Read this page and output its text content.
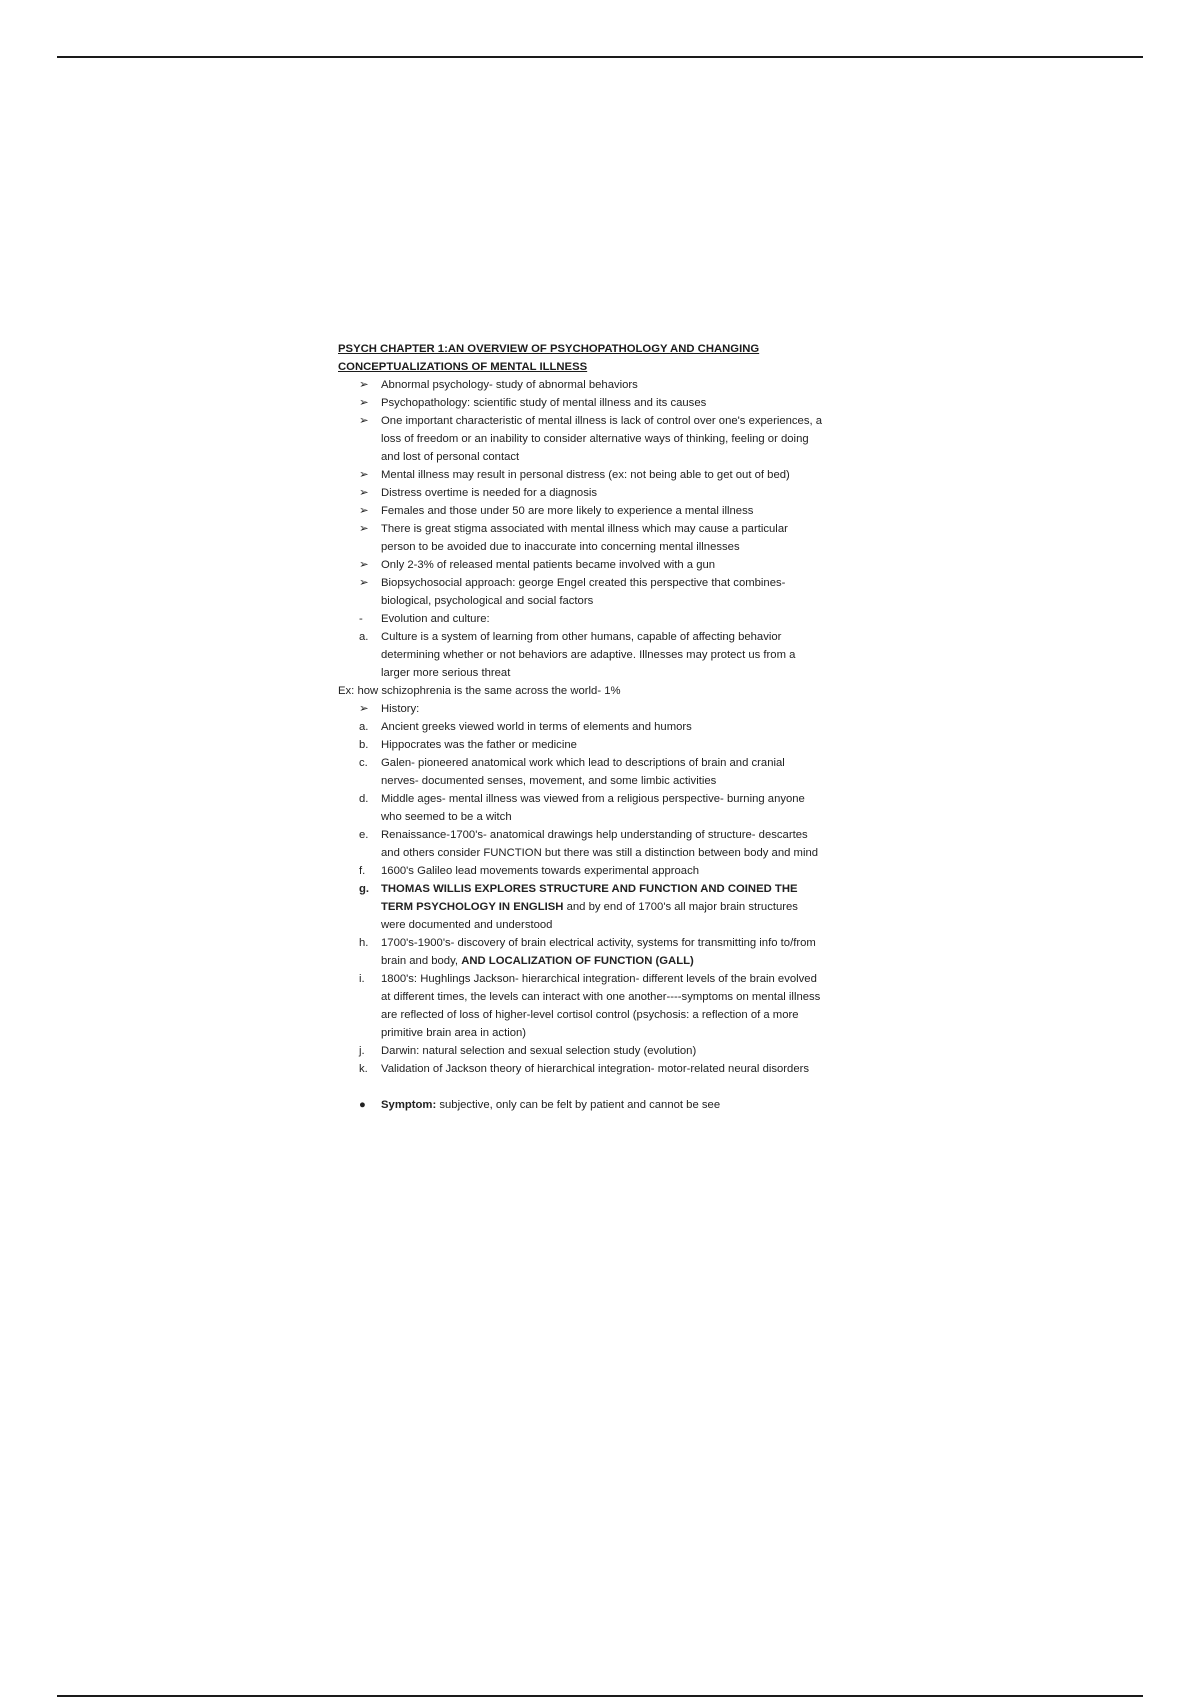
PSYCH CHAPTER 1:AN OVERVIEW OF PSYCHOPATHOLOGY AND CHANGING
CONCEPTUALIZATIONS OF MENTAL ILLNESS

➢	Abnormal psychology- study of abnormal behaviors
➢	Psychopathology: scientific study of mental illness and its causes
➢	One important characteristic of mental illness is lack of control over one's experiences, a
loss of freedom or an inability to consider alternative ways of thinking, feeling or doing
and lost of personal contact
➢	Mental illness may result in personal distress (ex: not being able to get out of bed)
➢	Distress overtime is needed for a diagnosis
➢	Females and those under 50 are more likely to experience a mental illness
➢	There is great stigma associated with mental illness which may cause a particular
person to be avoided due to inaccurate into concerning mental illnesses
➢	Only 2-3% of released mental patients became involved with a gun
➢	Biopsychosocial approach: george Engel created this perspective that combines-
biological, psychological and social factors
-	Evolution and culture:
a.	Culture is a system of learning from other humans, capable of affecting behavior
determining whether or not behaviors are adaptive. Illnesses may protect us from a
larger more serious threat

Ex: how schizophrenia is the same across the world- 1%

➢	History:
a.	Ancient greeks viewed world in terms of elements and humors
b.	Hippocrates was the father or medicine
c.	Galen- pioneered anatomical work which lead to descriptions of brain and cranial
nerves- documented senses, movement, and some limbic activities
d.	Middle ages- mental illness was viewed from a religious perspective- burning anyone
who seemed to be a witch
e.	Renaissance-1700's- anatomical drawings help understanding of structure- descartes
and others consider FUNCTION but there was still a distinction between body and mind
f.	1600's Galileo lead movements towards experimental approach
g.	THOMAS WILLIS EXPLORES STRUCTURE AND FUNCTION AND COINED THE
TERM PSYCHOLOGY IN ENGLISH and by end of 1700's all major brain structures
were documented and understood
h.	1700's-1900's- discovery of brain electrical activity, systems for transmitting info to/from
brain and body, AND LOCALIZATION OF FUNCTION (GALL)
i.	1800's: Hughlings Jackson- hierarchical integration- different levels of the brain evolved
at different times, the levels can interact with one another----symptoms on mental illness
are reflected of loss of higher-level cortisol control (psychosis: a reflection of a more
primitive brain area in action)
j.	Darwin: natural selection and sexual selection study (evolution)
k.	Validation of Jackson theory of hierarchical integration- motor-related neural disorders
●	Symptom: subjective, only can be felt by patient and cannot be see
